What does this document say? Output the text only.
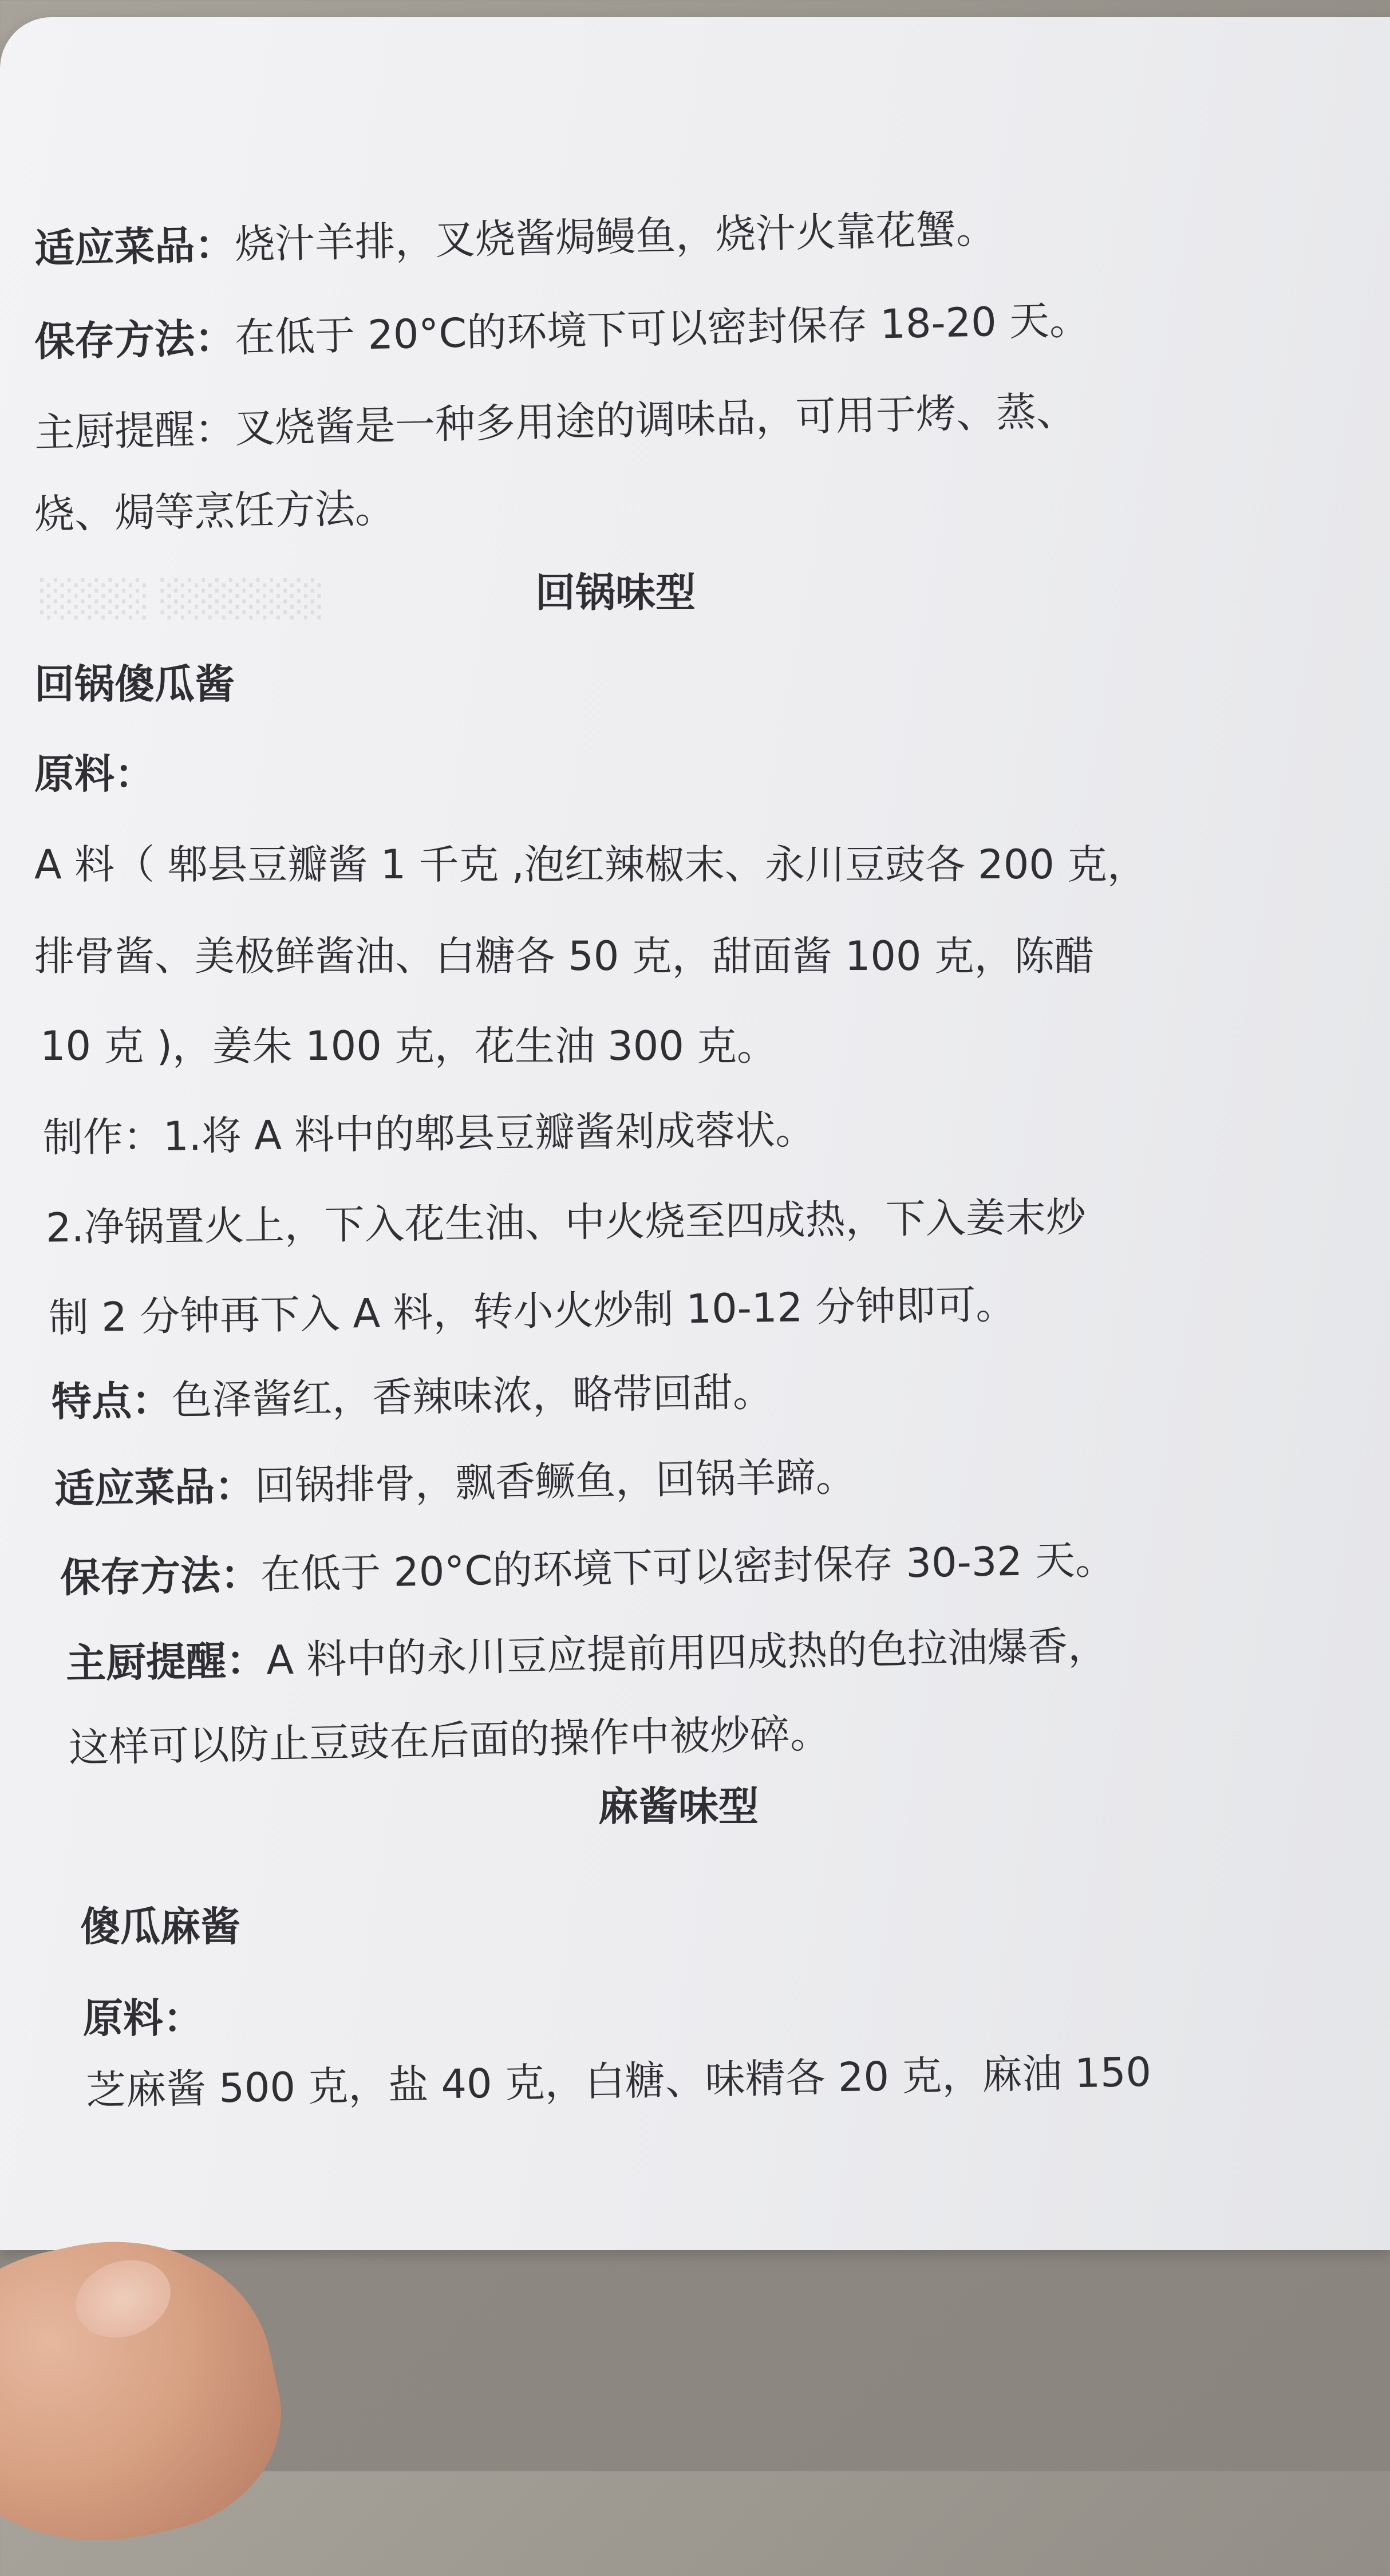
░░░░ ░░░░░░
适应菜品：烧汁羊排，叉烧酱焗鳗鱼，烧汁火靠花蟹。
保存方法：在低于 20°C的环境下可以密封保存 18-20 天。
主厨提醒：叉烧酱是一种多用途的调味品，可用于烤、蒸、
烧、焗等烹饪方法。
回锅味型
回锅傻瓜酱
原料：
A 料（ 郫县豆瓣酱 1 千克 ,泡红辣椒末、永川豆豉各 200 克，
排骨酱、美极鲜酱油、白糖各 50 克，甜面酱 100 克，陈醋
10 克 )，姜朱 100 克，花生油 300 克。
制作：1.将 A 料中的郫县豆瓣酱剁成蓉状。
2.净锅置火上，下入花生油、中火烧至四成热，下入姜末炒
制 2 分钟再下入 A 料，转小火炒制 10-12 分钟即可。
特点：色泽酱红，香辣味浓，略带回甜。
适应菜品：回锅排骨，飘香鳜鱼，回锅羊蹄。
保存方法：在低于 20°C的环境下可以密封保存 30-32 天。
主厨提醒：A 料中的永川豆应提前用四成热的色拉油爆香，
这样可以防止豆豉在后面的操作中被炒碎。
麻酱味型
傻瓜麻酱
原料：
芝麻酱 500 克，盐 40 克，白糖、味精各 20 克，麻油 150
